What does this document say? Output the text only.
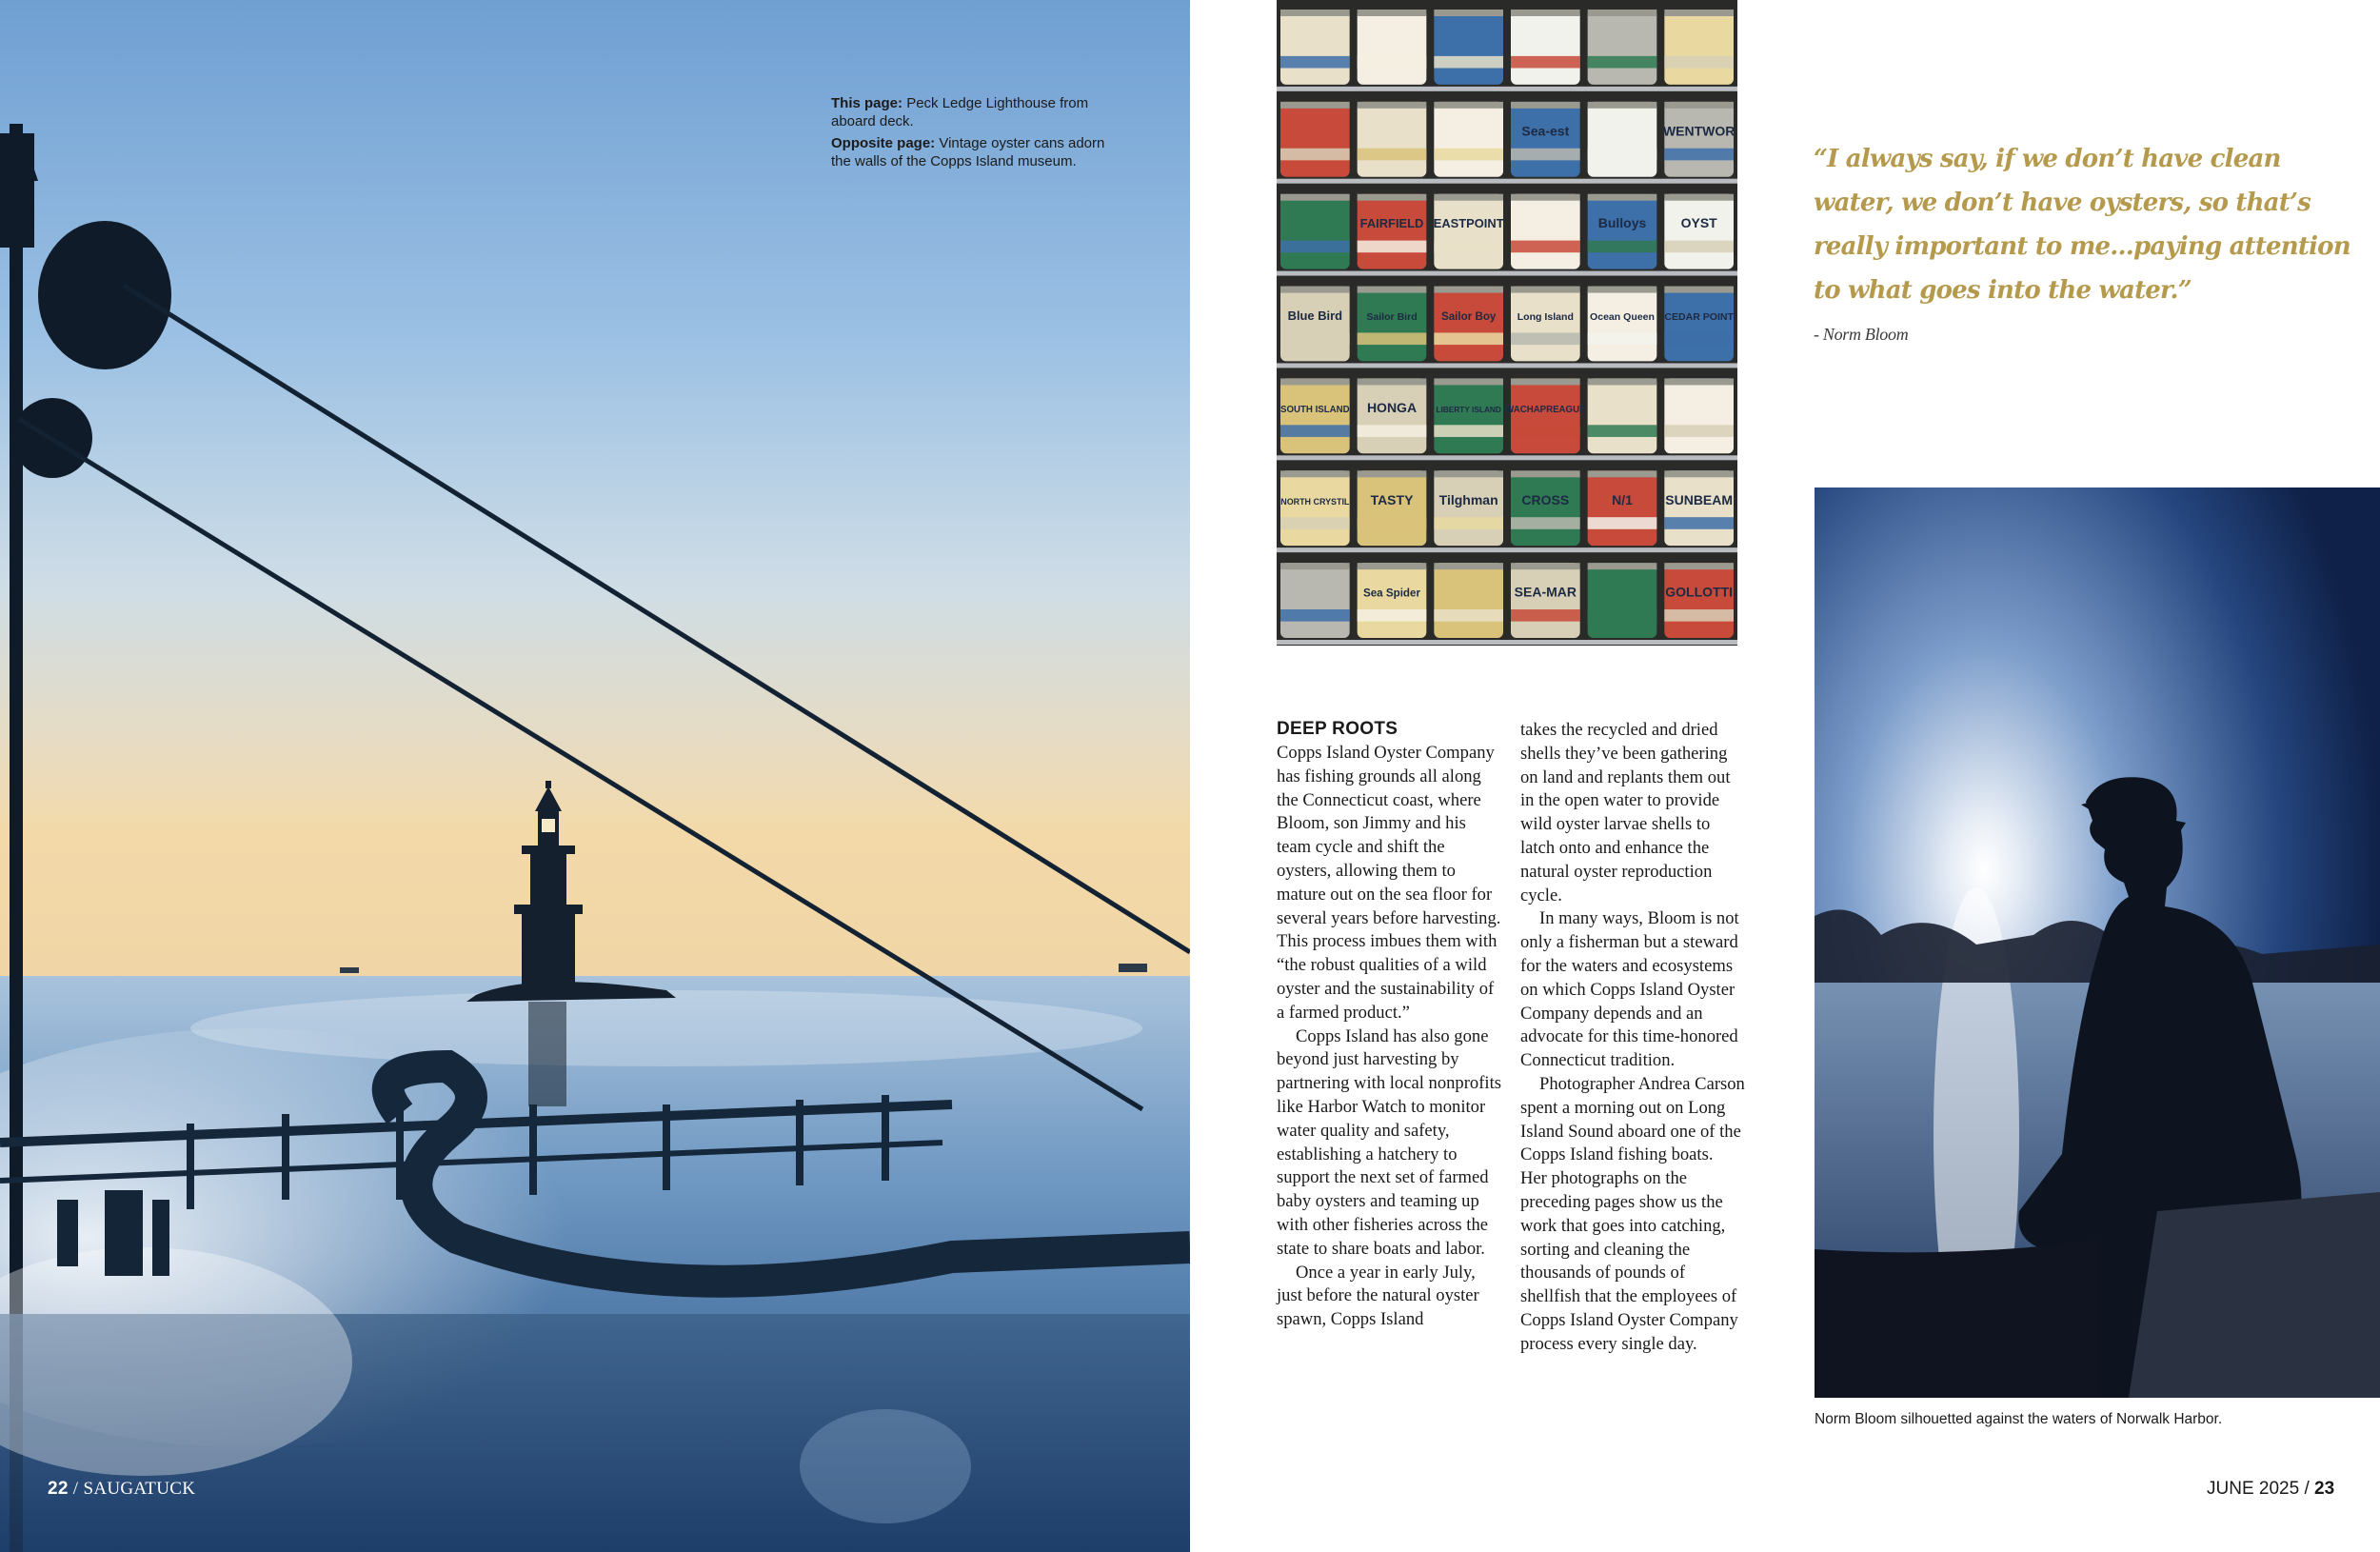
This page: Peck Ledge Lighthouse from aboard deck.
Opposite page: Vintage oyster cans adorn the walls of the Copps Island museum.
22 / SAUGATUCK
Sea-est	WENTWOR
FAIRFIELD EASTPOINT	Bulloys	OYST
Blue Bird Sailor Bird Sailor Boy Long Island Ocean Queen CEDAR POINT
SOUTH ISLAND HONGA LIBERTY ISLAND WACHAPREAGUE
NORTH CRYSTIL TASTY Tilghman CROSS	N/1 SUNBEAM
Sea Spider	SEA-MAR	GOLLOTTI
DEEP ROOTS

Copps Island Oyster Company has fishing grounds all along the Connecticut coast, where Bloom, son Jimmy and his team cycle and shift the oysters, allowing them to mature out on the sea floor for several years before harvesting. This process imbues them with “the robust qualities of a wild oyster and the sustainability of a farmed product.”

Copps Island has also gone beyond just harvesting by partnering with local nonprofits like Harbor Watch to monitor water quality and safety, establishing a hatchery to support the next set of farmed baby oysters and teaming up with other fisheries across the state to share boats and labor.

Once a year in early July, just before the natural oyster spawn, Copps Island

takes the recycled and dried shells they’ve been gathering on land and replants them out in the open water to provide wild oyster larvae shells to latch onto and enhance the natural oyster reproduction cycle.

In many ways, Bloom is not only a fisherman but a steward for the waters and ecosystems on which Copps Island Oyster Company depends and an advocate for this time-honored Connecticut tradition.

Photographer Andrea Carson spent a morning out on Long Island Sound aboard one of the Copps Island fishing boats.

Her photographs on the preceding pages show us the work that goes into catching, sorting and cleaning the thousands of pounds of shellfish that the employees of Copps Island Oyster Company process every single day.

“I always say, if we don’t have clean
water, we don’t have oysters, so that’s
really important to me...paying attention
to what goes into the water.”
- Norm Bloom
Norm Bloom silhouetted against the waters of Norwalk Harbor.
JUNE 2025 / 23
